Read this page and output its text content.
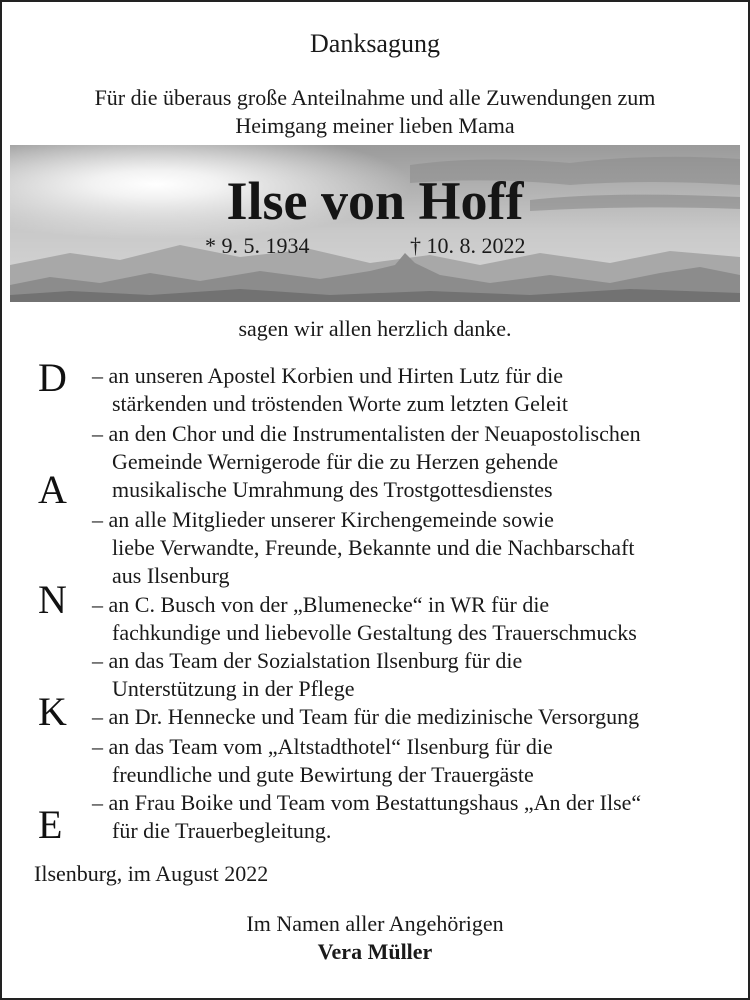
Danksagung
Für die überaus große Anteilnahme und alle Zuwendungen zum
Heimgang meiner lieben Mama
Ilse von Hoff
* 9. 5. 1934	† 10. 8. 2022
sagen wir allen herzlich danke.
D
A
N
K
E
– an unseren Apostel Korbien und Hirten Lutz für die
stärkenden und tröstenden Worte zum letzten Geleit
– an den Chor und die Instrumentalisten der Neuapostolischen
Gemeinde Wernigerode für die zu Herzen gehende
musikalische Umrahmung des Trostgottesdienstes
– an alle Mitglieder unserer Kirchengemeinde sowie
liebe Verwandte, Freunde, Bekannte und die Nachbarschaft
aus Ilsenburg
– an C. Busch von der „Blumenecke“ in WR für die
fachkundige und liebevolle Gestaltung des Trauerschmucks
– an das Team der Sozialstation Ilsenburg für die
Unterstützung in der Pflege
– an Dr. Hennecke und Team für die medizinische Versorgung
– an das Team vom „Altstadthotel“ Ilsenburg für die
freundliche und gute Bewirtung der Trauergäste
– an Frau Boike und Team vom Bestattungshaus „An der Ilse“
für die Trauerbegleitung.
Ilsenburg, im August 2022
Im Namen aller Angehörigen
Vera Müller
